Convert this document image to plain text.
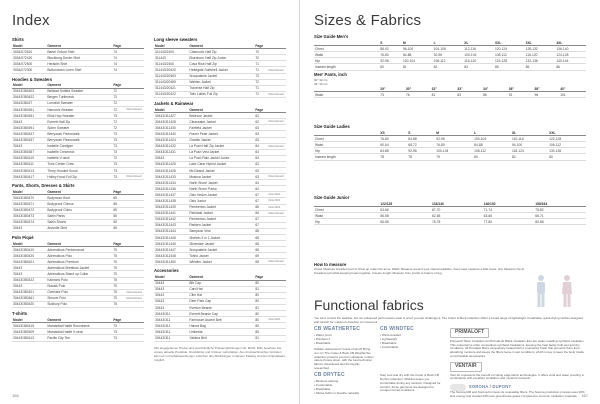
Index
Shirts
Model	Garment	Page	
3034/072610	Bartel Oxford Shirt	74	
3034/072420	Bleckburg Denim Shirt	74	
3034/072500	Heraklin Shirt	74	
3034/072300	Buttondown Linen Shirt	74	
Hoodies & Sweaters
Model	Garment	Page	
30443/380403	Bellstad Knitted Sweater	72	
30443/380422	Bergen Turtleneck	73	
30443/38427	Lomofoli Sweater	72	
30443/380451	Nemoshi Sweater	72	Discontinued
30443/380451	Elliot Hop Sweater	73	
30443	Everett Half Zip	72	
30443/380491	Suhrn Sweater	72	
30443/380437	Berrywork Fleecewalk	73	
30443/380437	Berrywork Fleecewalk	73	
30443	Isabelle Cardigan	73	
30443/380487	Isabelle Crewneck	73	
30443/380410	Isabelle V-neck	72	
30443/380411	Trois Center Crew	73	
30443/380413	Thory Hooded Scout	73	
30443/380417	Holley Hood Full Zip	73	Discontinued
Pants, Shorts, Dresses & Skirts
Model	Garment	Page	
30443/380470	Bodymoor Boot	65	
30443/380471	Bodyproof Chinos	65	
30443/380472	Bodyproof Chino	65	
30443/380473	Saltin Pants	65	
30443/380474	Saltin Shorts	65	
30443	Annedle Skirt	65	
Polo Piqué
Model	Garment	Page	
30443/380410	Adrenalicus Performance	75	
30443/380420	Adrenalicus Polo	75	
30443/380421	Adrenalicus Premium	75	
30443	Adrenalicus Breathas Jacket	75	
30443	Adrenalicus Stand up Collar	75	
30443/380422	Kalmans Polo	75	
30443	Klassik Polo	75	
30443/380421	Overlake Polo	75	Discontinued
30443/380461	Simcoe Polo	75	Discontinued
30443/380420	Sudbury Polo	75	
T-shirts
Model	Garment	Page	
30443/380415	Mamantial Habitt Roundneck	73	
30443/380409	Mamantial Habitt V-neck	73	
30443/380413	Pacific City Tee	73	
Long sleeve sweaters
Model	Garment	Page	
311443/2400	Chamonix Half Zip	70	
311443	Eisenhorn Half Zip Junior	70	
311443/2400	Cosa Rica Half Zip	71	
311443/20420	Headgate Softshell Jacket	71	Discontinued
311443/20463	Snoqualmie Jacket	72	
311443/20465	Walden Jacket	72	
311443/20421	Traverse Half Zip	71	
311443/20422	Twin Lakes Full Zip	71	Discontinued
Jackets & Rainwear
Model	Garment	Page	
30443/311427	Bellevue Jacket	62	
30443/311428	Clearwater Jacket	62	Discontinued
30443/311430	Fairfield Jacket	63	
30443/311440	Frazer Peak Jacket	63	
30443/311424	Granite Jacket	63	
30443/311432	La Push Half Zip Jacket	64	Discontinued
30443/311431	La Push Vest Jacket	64	
30443	La Push Rain Jacket Junior	64	
30443/311425	Lake Clear Hybrid Jacket	62	
30443/311426	McCleand Jacket	63	
30443/311433	Moskva Jacket	63	Discontinued
30443/311434	North Shore Jacket	64	
30443/311436	North Shore Parka	64	
30443/311437	Oslo Hedon Jacket	67	New 2021
30443/311438	Oslo Junior	67	New 2021
30443/311439	Pemberton Jacket	66	New 2021
30443/311441	Parkdale Jacket	66	Discontinued
30443/311442	Pemberton Jacket	67	
30443/311443	Redsen Jacket	67	
30443/311444	Sampson Vest	68	
30443/311445	Shelton 3 in 1 Jacket	68	
30443/311446	Silverdale Jacket	68	
30443/311447	Snoqualmie Jacket	68	
30443/311448	Tofino Jacket	69	
30443/311450	Whistler Jacket	69	Discontinued
Accessories
Model	Garment	Page	
30443	Bib Cap	80	
30443	Card Hat	81	
30443	Clim Hat	80	
30443	Deer Park Cap	80	
30443	Everton Beanie	81	
30443/311	Everett Beanie Cap	80	
30443/311	Fairmount Ascent Belt	80	New 2021
30443/311	Hanna Bag	80	
30443/311	Umbrella	80	
30443/311	Yakima Belt	81	
Alle angegebenen Preise sind unverbindliche Preisempfehlungen inkl. MwSt. Bitte beachten Sie unsere aktuelle Preisliste. Druckfehler und Irrtümer vorbehalten. Aus drucktechnischen Gründen kann es zu Farbabweichungen zwischen den Abbildungen in diesem Katalog und den Originalware möglich.
166
Sizes & Fabrics
Size Guide Men's
	S	M	L	XL	XXL	3XL	4XL
Chest	88-92	96-100	104-108	112-116	120-124	128-132	136-140
Waist	76-80	84-88	92-96	100-104	108-112	116-120	124-128
Hip	92-96	100-104	108-112	116-120	124-128	132-136	140-144
Inseam length	80	81	82	84	85	86	86
Men' Pants, inch
30" 32 cm
34" 34 cm
	29"	30"	32"	33"	34"	36"	38"	40"
Waist	73	76	81	83	86	91	96	101
Size Guide Ladies
	XS	S	M	L	XL	XXL
Chest	76-80	84-88	92-96	100-104	110-116	122-128
Waist	60-64	68-72	76-80	84-88	94-100	106-112
Hip	84-88	92-96	100-104	108-112	118-124	130-136
Inseam length	78	78	79	80	80	80
Size Guide Junior
	122/128	134/140	146/152	158/164
Chest	63-66	67-70	71-74	75-82
Waist	56-58	62-65	63-66	66-71
Hip	65-68	75-78	77-80	80-86
How to measure
Chest: Measure broadest part of chest up under the arms. Waist: Measure around your natural waistline. Keep tape measure a little loose. Hip: Measure hip at broadest part while keeping heels together. Inseam length: Measure from crotch to bottom of leg.
Functional fabrics
You can't control the weather, but our advanced performance wear is proof you can challenge it. The Cutter & Buck collection offers a broad range of lightweight, breathable, quick-drying clothes designed with stretch for maximum freedom of movement.
CB WEATHERTEC
• Water proof
• Windproof
• Breathable
Sudden downpours? Gusts of wind? Bring 'em on! The Cutter & Buck CB WeatherTec collection protects you from whatever mother nature throws down, with the best technical fabrics. Restrained and thoroughly researched.
CB DRYTEC
• Moisture wicking
• Comfortable
• Breathable
• Allows fabric to breathe naturally
CB WINDTEC
• Wind resistant
• Lightweight
• Breathable
• Comfortable
Stay cool and dry with the Cutter & Buck CB DryTec collection. Wicking keeps you comfortable during any workout. Designed for comfort, these garments are designed to conquer humid conditions.
PRIMALOFT
PrimaLoft Silver insulation and PrimaLoft Black insulation Eco are water-repelling synthetic insulation. This outperforms other competitors synthetic insulations, keeping the heat better both wet and dry conditions. All Primaloft fibers excessively treated with a proprietary finish that prevents them from absorbing moisture and keeps the fibers loose in wet conditions, which is key to keep the body inside a comfortable temperature.
VENTAIR
Vent Air represents the benefit of cutting edge fabric technologies. It offers wind and water proofing in combination with excellent ventilation and moisture transport.
SORONA / DUPONT
The Sorona DM and Sorona Formula not renewable fibers. The Sorona production process uses 30% less energy and creates 63% less greenhouse gases compared to common insulation materials. 167
